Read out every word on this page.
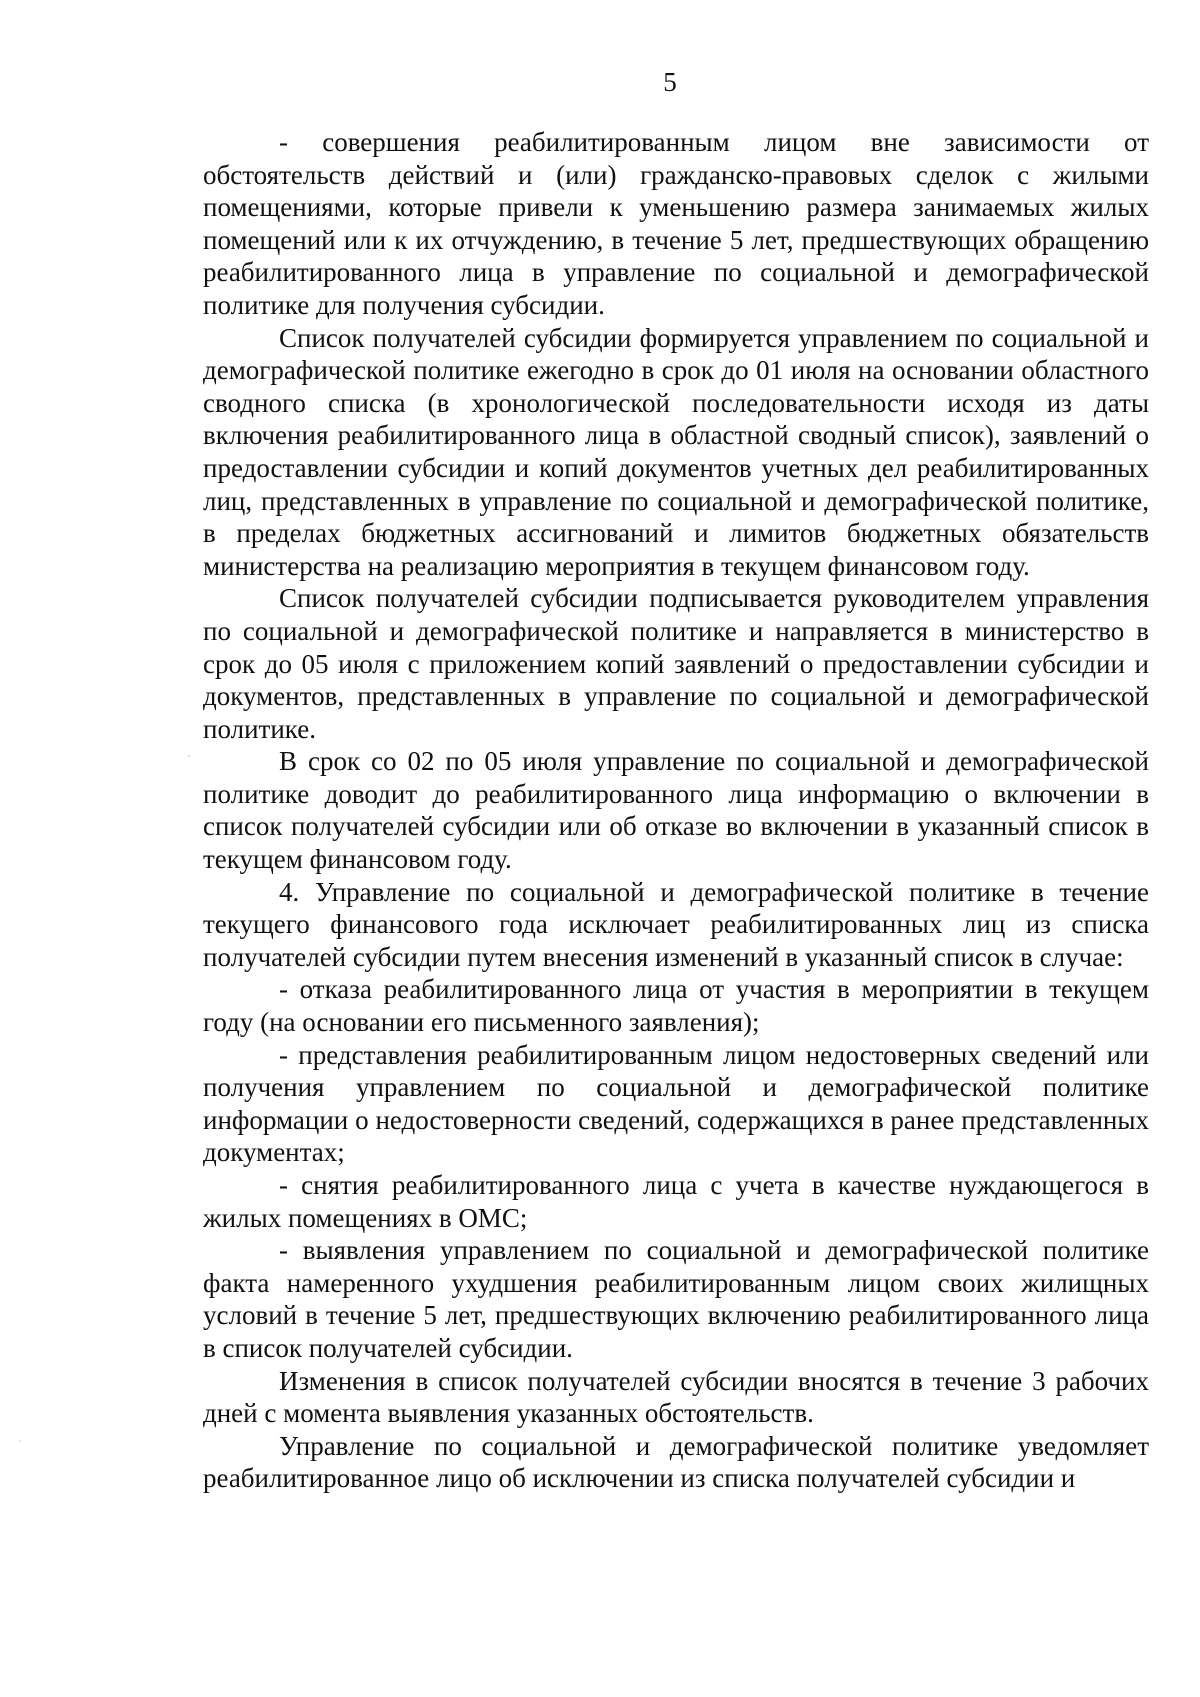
5

- совершения реабилитированным лицом вне зависимости от обстоятельств действий и (или) гражданско-правовых сделок с жилыми помещениями, которые привели к уменьшению размера занимаемых жилых помещений или к их отчуждению, в течение 5 лет, предшествующих обращению реабилитированного лица в управление по социальной и демографической политике для получения субсидии.

Список получателей субсидии формируется управлением по социальной и демографической политике ежегодно в срок до 01 июля на основании областного сводного списка (в хронологической последовательности исходя из даты включения реабилитированного лица в областной сводный список), заявлений о предоставлении субсидии и копий документов учетных дел реабилитированных лиц, представленных в управление по социальной и демографической политике, в пределах бюджетных ассигнований и лимитов бюджетных обязательств министерства на реализацию мероприятия в текущем финансовом году.

Список получателей субсидии подписывается руководителем управления по социальной и демографической политике и направляется в министерство в срок до 05 июля с приложением копий заявлений о предоставлении субсидии и документов, представленных в управление по социальной и демографической политике.

В срок со 02 по 05 июля управление по социальной и демографической политике доводит до реабилитированного лица информацию о включении в список получателей субсидии или об отказе во включении в указанный список в текущем финансовом году.

4. Управление по социальной и демографической политике в течение текущего финансового года исключает реабилитированных лиц из списка получателей субсидии путем внесения изменений в указанный список в случае:

- отказа реабилитированного лица от участия в мероприятии в текущем году (на основании его письменного заявления);

- представления реабилитированным лицом недостоверных сведений или получения управлением по социальной и демографической политике информации о недостоверности сведений, содержащихся в ранее представленных документах;

- снятия реабилитированного лица с учета в качестве нуждающегося в жилых помещениях в ОМС;

- выявления управлением по социальной и демографической политике факта намеренного ухудшения реабилитированным лицом своих жилищных условий в течение 5 лет, предшествующих включению реабилитированного лица в список получателей субсидии.

Изменения в список получателей субсидии вносятся в течение 3 рабочих дней с момента выявления указанных обстоятельств.

Управление по социальной и демографической политике уведомляет реабилитированное лицо об исключении из списка получателей субсидии и
